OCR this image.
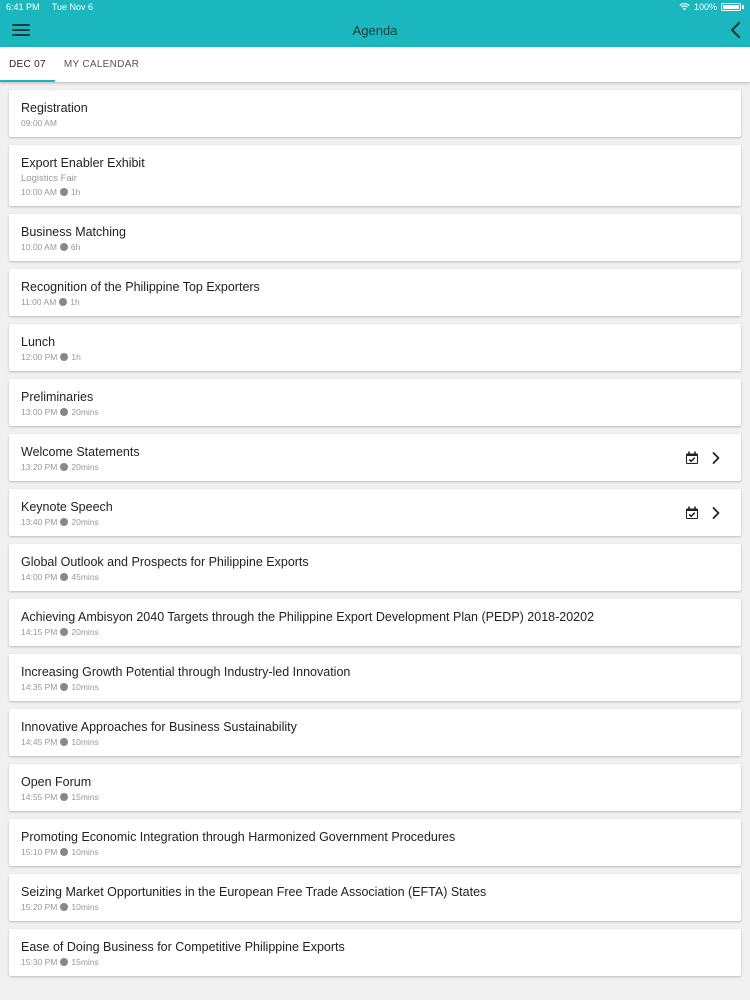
6:41 PM Tue Nov 6	100%
Agenda
DEC 07	MY CALENDAR
Registration
09:00 AM
Export Enabler Exhibit
Logistics Fair
10:00 AM 1h
Business Matching
10:00 AM 6h
Recognition of the Philippine Top Exporters
11:00 AM 1h
Lunch
12:00 PM 1h
Preliminaries
13:00 PM 20mins
Welcome Statements
13:20 PM 20mins
Keynote Speech
13:40 PM 20mins
Global Outlook and Prospects for Philippine Exports
14:00 PM 45mins
Achieving Ambisyon 2040 Targets through the Philippine Export Development Plan (PEDP) 2018-20202
14:15 PM 20mins
Increasing Growth Potential through Industry-led Innovation
14:35 PM 10mins
Innovative Approaches for Business Sustainability
14:45 PM 10mins
Open Forum
14:55 PM 15mins
Promoting Economic Integration through Harmonized Government Procedures
15:10 PM 10mins
Seizing Market Opportunities in the European Free Trade Association (EFTA) States
15:20 PM 10mins
Ease of Doing Business for Competitive Philippine Exports
15:30 PM 15mins
